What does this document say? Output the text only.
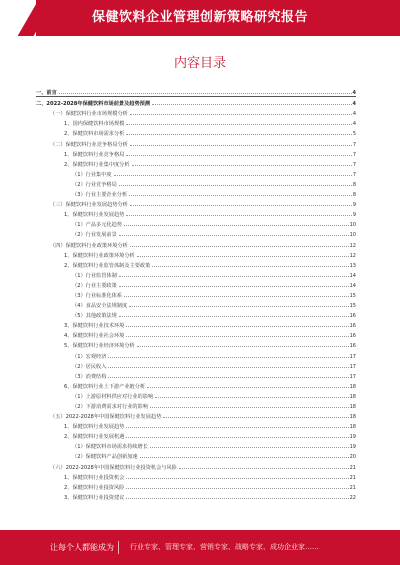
保健饮料企业管理创新策略研究报告
内容目录
一、前言	4
二、2022-2028年保健饮料市场前景及趋势预测	4
（一）保健饮料行业市场规模分析	4
1、国内保健饮料市场规模	4
2、保健饮料市场需求分析	5
（二）保健饮料行业竞争格局分析	7
1、保健饮料行业竞争格局	7
2、保健饮料行业集中度分析	7
（1）行业集中度	7
（2）行业竞争格局	8
（3）行业主要企业分析	8
（三）保健饮料行业发展趋势分析	9
1、保健饮料行业发展趋势	9
（1）产品多元化趋势	10
（2）行业发展前景	10
（四）保健饮料行业政策环境分析	12
1、保健饮料行业政策环境分析	12
2、保健饮料行业监管体制及主要政策	13
（1）行业监管体制	14
（2）行业主要政策	14
（3）行业标准化体系	15
（4）食品安全法规制度	15
（5）其他政策法规	16
3、保健饮料行业技术环境	16
4、保健饮料行业社会环境	16
5、保健饮料行业经济环境分析	16
（1）宏观经济	17
（2）居民收入	17
（3）消费结构	17
6、保健饮料行业上下游产业链分析	18
（1）上游原材料供应对行业的影响	18
（2）下游消费需求对行业的影响	18
（五）2022-2028年中国保健饮料行业发展趋势	18
1、保健饮料行业发展趋势	18
2、保健饮料行业发展机遇	19
（1）保健饮料市场需求持续增长	19
（2）保健饮料产品创新加速	20
（六）2022-2028年中国保健饮料行业投资机会与风险	21
1、保健饮料行业投资机会	21
2、保健饮料行业投资风险	21
3、保健饮料行业投资建议	22
让每个人都能成为 行业专家、管理专家、营销专家、战略专家、成功企业家……
